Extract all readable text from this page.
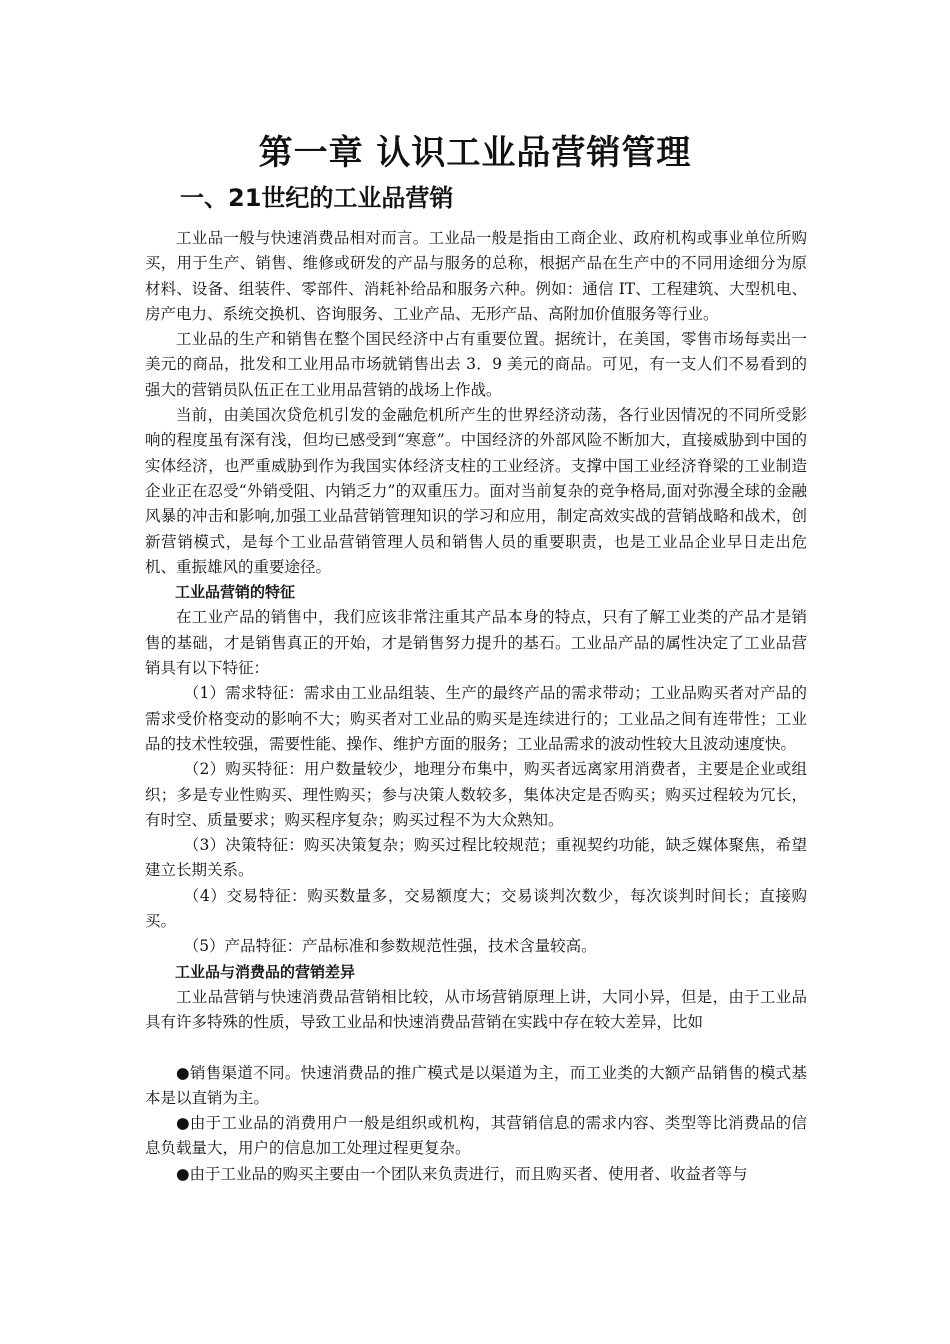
第一章 认识工业品营销管理
一、21世纪的工业品营销

工业品一般与快速消费品相对而言。工业品一般是指由工商企业、政府机构或事业单位所购买，用于生产、销售、维修或研发的产品与服务的总称，根据产品在生产中的不同用途细分为原材料、设备、组装件、零部件、消耗补给品和服务六种。例如：通信 IT、工程建筑、大型机电、房产电力、系统交换机、咨询服务、工业产品、无形产品、高附加价值服务等行业。

工业品的生产和销售在整个国民经济中占有重要位置。据统计，在美国，零售市场每卖出一美元的商品，批发和工业用品市场就销售出去 3．9 美元的商品。可见，有一支人们不易看到的强大的营销员队伍正在工业用品营销的战场上作战。

当前，由美国次贷危机引发的金融危机所产生的世界经济动荡，各行业因情况的不同所受影响的程度虽有深有浅，但均已感受到“寒意”。中国经济的外部风险不断加大，直接威胁到中国的实体经济，也严重威胁到作为我国实体经济支柱的工业经济。支撑中国工业经济脊梁的工业制造企业正在忍受“外销受阻、内销乏力”的双重压力。面对当前复杂的竞争格局,面对弥漫全球的金融风暴的冲击和影响,加强工业品营销管理知识的学习和应用，制定高效实战的营销战略和战术，创新营销模式，是每个工业品营销管理人员和销售人员的重要职责，也是工业品企业早日走出危机、重振雄风的重要途径。

工业品营销的特征

在工业产品的销售中，我们应该非常注重其产品本身的特点，只有了解工业类的产品才是销售的基础，才是销售真正的开始，才是销售努力提升的基石。工业品产品的属性决定了工业品营销具有以下特征：

（1）需求特征：需求由工业品组装、生产的最终产品的需求带动；工业品购买者对产品的需求受价格变动的影响不大；购买者对工业品的购买是连续进行的；工业品之间有连带性；工业品的技术性较强，需要性能、操作、维护方面的服务；工业品需求的波动性较大且波动速度快。

（2）购买特征：用户数量较少，地理分布集中，购买者远离家用消费者，主要是企业或组织；多是专业性购买、理性购买；参与决策人数较多，集体决定是否购买；购买过程较为冗长，有时空、质量要求；购买程序复杂；购买过程不为大众熟知。

（3）决策特征：购买决策复杂；购买过程比较规范；重视契约功能，缺乏媒体聚焦，希望建立长期关系。

（4）交易特征：购买数量多，交易额度大；交易谈判次数少，每次谈判时间长；直接购买。

（5）产品特征：产品标准和参数规范性强，技术含量较高。

工业品与消费品的营销差异

工业品营销与快速消费品营销相比较，从市场营销原理上讲，大同小异，但是，由于工业品具有许多特殊的性质，导致工业品和快速消费品营销在实践中存在较大差异，比如

●销售渠道不同。快速消费品的推广模式是以渠道为主，而工业类的大额产品销售的模式基本是以直销为主。

●由于工业品的消费用户一般是组织或机构，其营销信息的需求内容、类型等比消费品的信息负载量大，用户的信息加工处理过程更复杂。

●由于工业品的购买主要由一个团队来负责进行，而且购买者、使用者、收益者等与
